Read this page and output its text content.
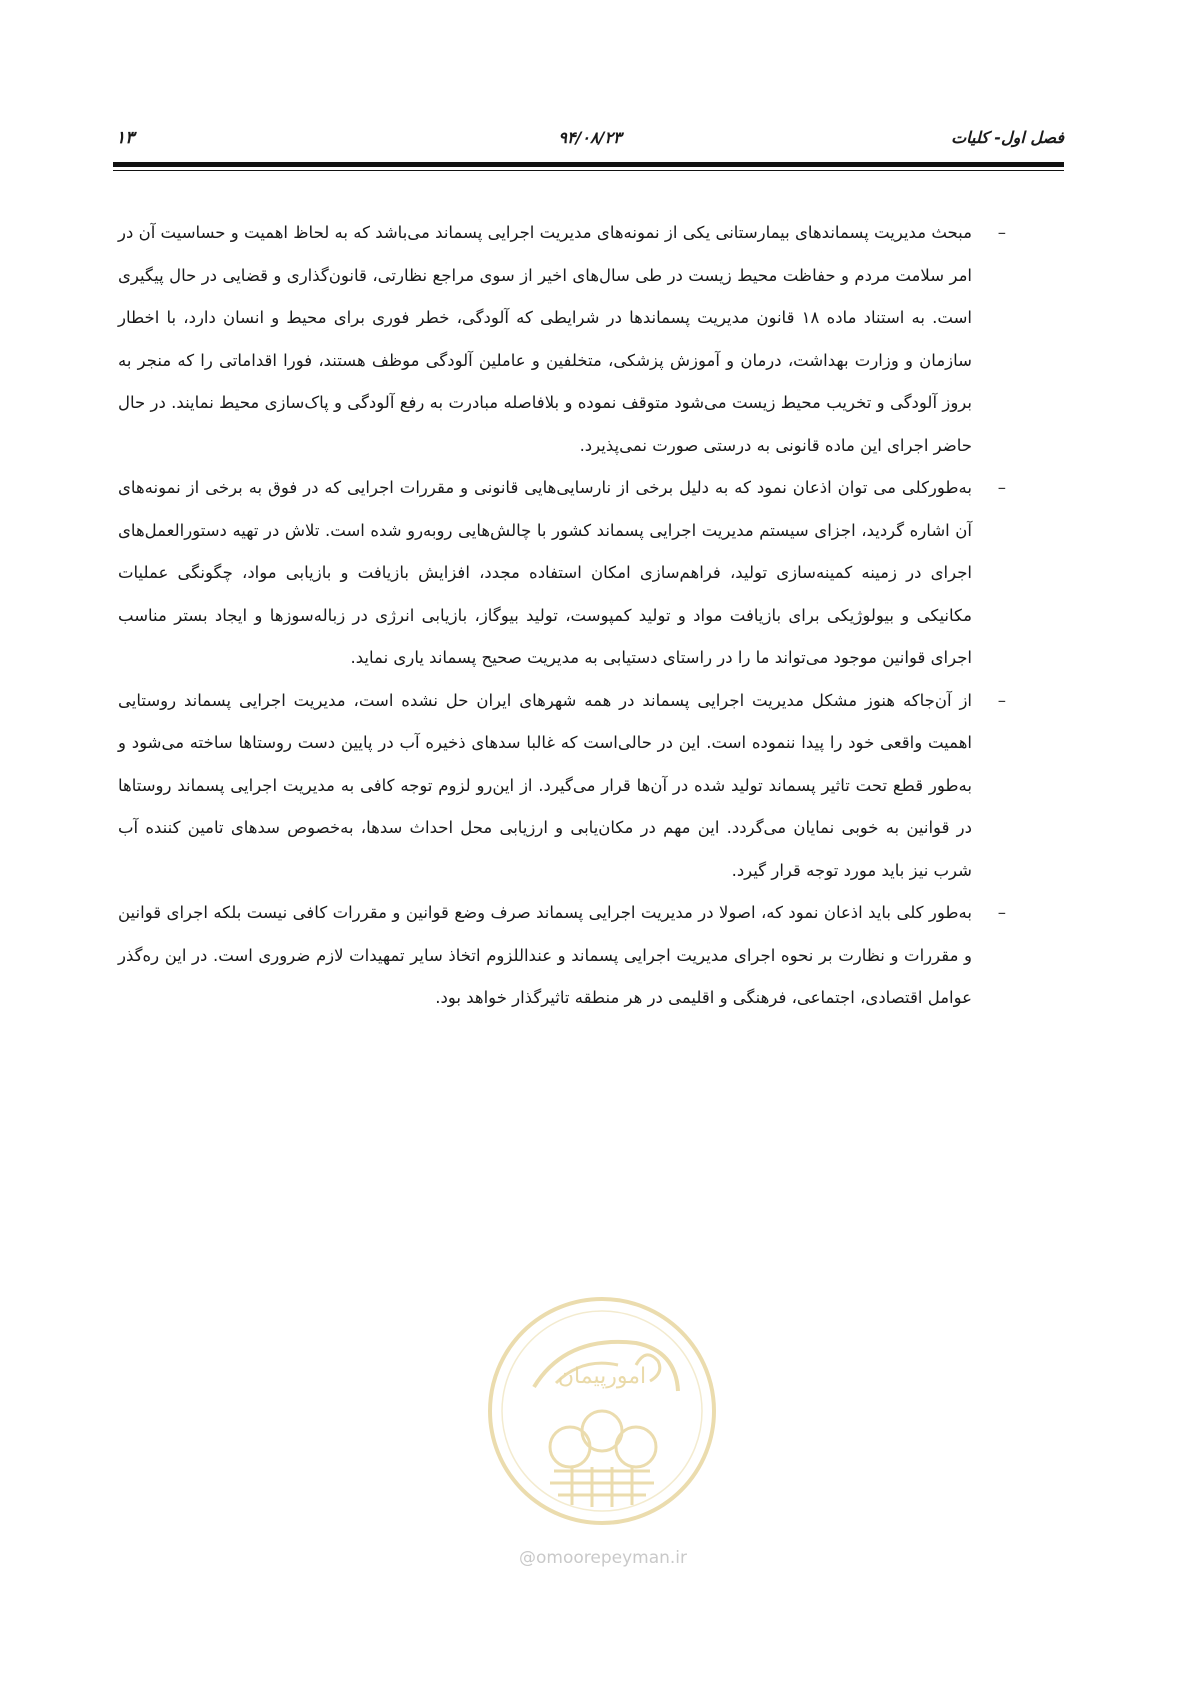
فصل اول- کلیات
۹۴/۰۸/۲۳
۱۳
–
مبحث مدیریت پسماندهای بیمارستانی یکی از نمونه‌های مدیریت اجرایی پسماند می‌باشد که به لحاظ اهمیت و حساسیت آن در امر سلامت مردم و حفاظت محیط زیست در طی سال‌های اخیر از سوی مراجع نظارتی، قانون‌گذاری و قضایی در حال پیگیری است. به استناد ماده ۱۸ قانون مدیریت پسماندها در شرایطی که آلودگی، خطر فوری برای محیط و انسان دارد، با اخطار سازمان و وزارت بهداشت، درمان و آموزش پزشکی، متخلفین و عاملین آلودگی موظف هستند، فورا اقداماتی را که منجر به بروز آلودگی و تخریب محیط زیست می‌شود متوقف نموده و بلافاصله مبادرت به رفع آلودگی و پاک‌سازی محیط نمایند. در حال حاضر اجرای این ماده قانونی به درستی صورت نمی‌پذیرد.
–
به‌طورکلی می توان اذعان نمود که به دلیل برخی از نارسایی‌هایی قانونی و مقررات اجرایی که در فوق به برخی از نمونه‌های آن اشاره گردید، اجزای سیستم مدیریت اجرایی پسماند کشور با چالش‌هایی روبه‌رو شده است. تلاش در تهیه دستورالعمل‌های اجرای در زمینه کمینه‌سازی تولید، فراهم‌سازی امکان استفاده مجدد، افزایش بازیافت و بازیابی مواد، چگونگی عملیات مکانیکی و بیولوژیکی برای بازیافت مواد و تولید کمپوست، تولید بیوگاز، بازیابی انرژی در زباله‌سوزها و ایجاد بستر مناسب اجرای قوانین موجود می‌تواند ما را در راستای دستیابی به مدیریت صحیح پسماند یاری نماید.
–
از آن‌جاکه هنوز مشکل مدیریت اجرایی پسماند در همه شهرهای ایران حل نشده است، مدیریت اجرایی پسماند روستایی اهمیت واقعی خود را پیدا ننموده است. این در حالی‌است که غالبا سدهای ذخیره آب در پایین دست روستاها ساخته می‌شود و به‌طور قطع تحت تاثیر پسماند تولید شده در آن‌ها قرار می‌گیرد. از این‌رو لزوم توجه کافی به مدیریت اجرایی پسماند روستاها در قوانین به خوبی نمایان می‌گردد. این مهم در مکان‌یابی و ارزیابی محل احداث سدها، به‌خصوص سدهای تامین کننده آب شرب نیز باید مورد توجه قرار گیرد.
–
به‌طور کلی باید اذعان نمود که، اصولا در مدیریت اجرایی پسماند صرف وضع قوانین و مقررات کافی نیست بلکه اجرای قوانین و مقررات و نظارت بر نحوه اجرای مدیریت اجرایی پسماند و عنداللزوم اتخاذ سایر تمهیدات لازم ضروری است. در این ره‌گذر عوامل اقتصادی، اجتماعی، فرهنگی و اقلیمی در هر منطقه تاثیرگذار خواهد بود.
امورپیمان
@omoorepeyman.ir
